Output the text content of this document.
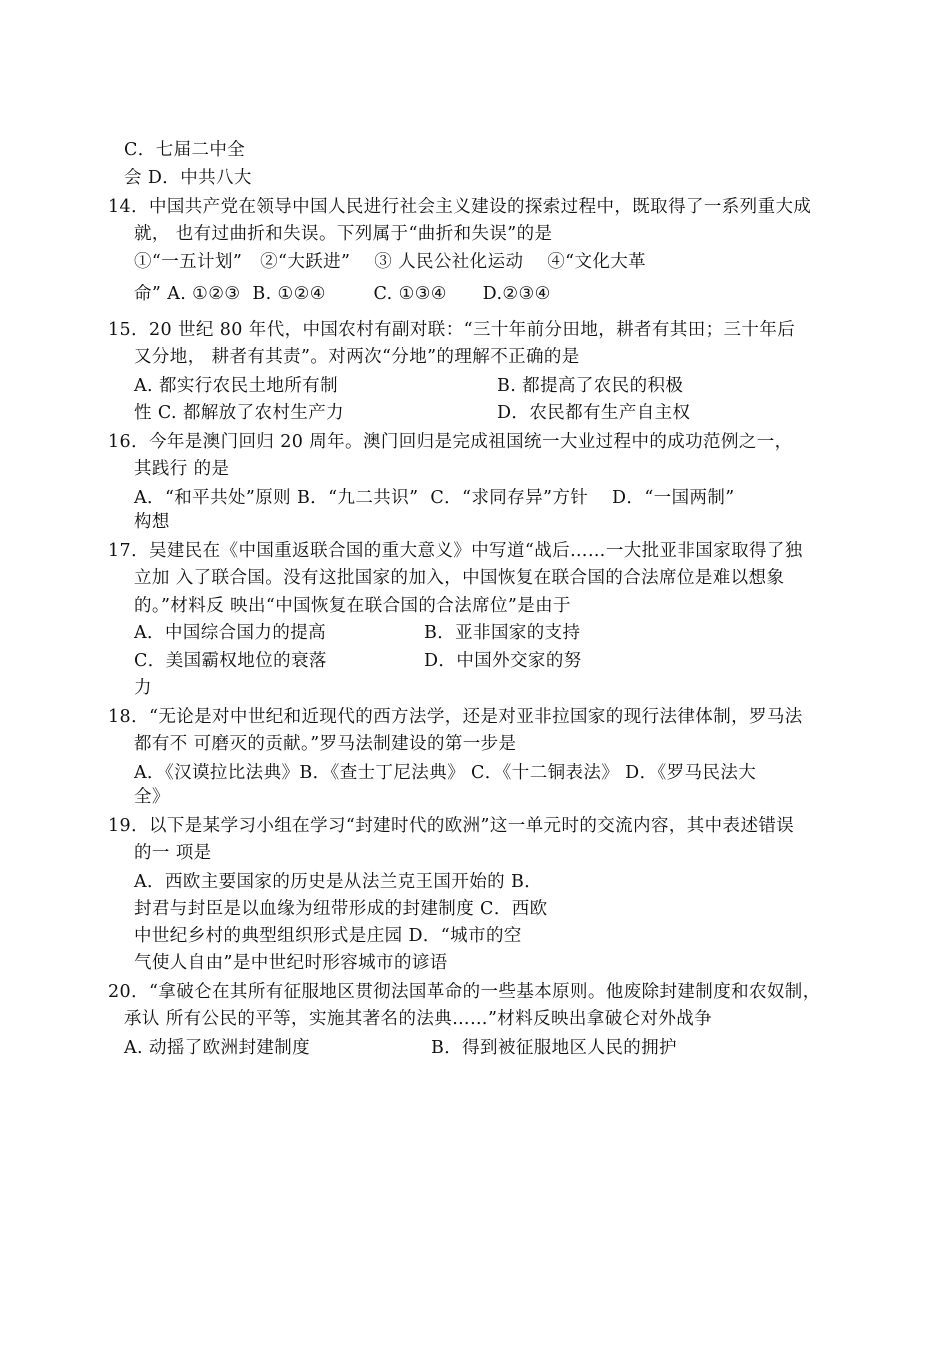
C．七届二中全
会 D．中共八大
14．中国共产党在领导中国人民进行社会主义建设的探索过程中，既取得了一系列重大成
就， 也有过曲折和失误。下列属于“曲折和失误”的是
①“一五计划”   ②“大跃进”    ③ 人民公社化运动    ④“文化大革
命” A. ①②③  B. ①②④        C. ①③④      D.②③④
15．20 世纪 80 年代，中国农村有副对联：“三十年前分田地，耕者有其田；三十年后
又分地， 耕者有其责”。对两次“分地”的理解不正确的是
A. 都实行农民土地所有制	B. 都提高了农民的积极
性 C. 都解放了农村生产力	D．农民都有生产自主权
16．今年是澳门回归 20 周年。澳门回归是完成祖国统一大业过程中的成功范例之一，
其践行 的是
A．“和平共处”原则 B．“九二共识”  C．“求同存异”方针    D．“一国两制”
构想
17．吴建民在《中国重返联合国的重大意义》中写道“战后……一大批亚非国家取得了独
立加 入了联合国。没有这批国家的加入，中国恢复在联合国的合法席位是难以想象
的。”材料反 映出“中国恢复在联合国的合法席位”是由于
A．中国综合国力的提高	B．亚非国家的支持
C．美国霸权地位的衰落	D．中国外交家的努
力
18．“无论是对中世纪和近现代的西方法学，还是对亚非拉国家的现行法律体制，罗马法
都有不 可磨灭的贡献。”罗马法制建设的第一步是
A．《汉谟拉比法典》B．《查士丁尼法典》 C．《十二铜表法》 D．《罗马民法大
全》
19．以下是某学习小组在学习“封建时代的欧洲”这一单元时的交流内容，其中表述错误
的一 项是
A．西欧主要国家的历史是从法兰克王国开始的 B．
封君与封臣是以血缘为纽带形成的封建制度 C．西欧
中世纪乡村的典型组织形式是庄园 D．“城市的空
气使人自由”是中世纪时形容城市的谚语
20．“拿破仑在其所有征服地区贯彻法国革命的一些基本原则。他废除封建制度和农奴制，
承认 所有公民的平等，实施其著名的法典……”材料反映出拿破仑对外战争
A. 动摇了欧洲封建制度	B．得到被征服地区人民的拥护
